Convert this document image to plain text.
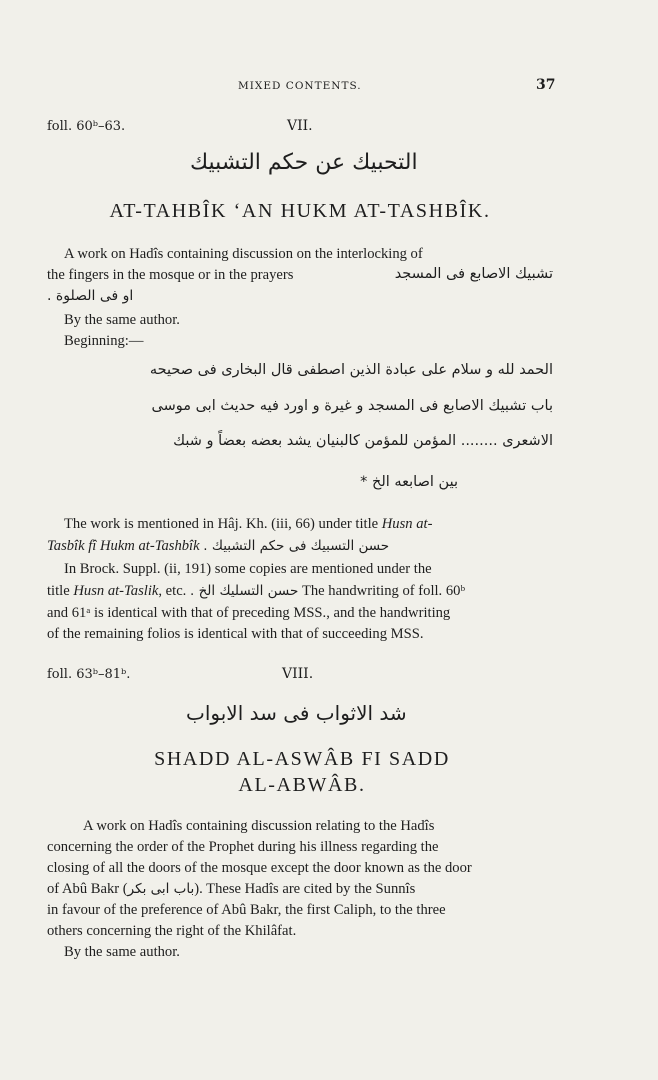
MIXED CONTENTS.	37
foll. 60ᵇ–63.	VII.
التحبيك عن حكم التشبيك
AT-TAHBÎK ‘AN HUKM AT-TASHBÎK.
A work on Hadîs containing discussion on the interlocking of
the fingers in the mosque or in the prayers	تشبيك الاصابع فى المسجد
او فى الصلوة .
By the same author.
Beginning:—
الحمد لله و سلام على عبادة الذين اصطفى قال البخارى فى صحيحه
باب تشبيك الاصابع فى المسجد و غيرة و اورد فيه حديث ابى موسى
الاشعرى ........ المؤمن للمؤمن كالبنيان يشد بعضه بعضاً و شبك
بين اصابعه الخ *
The work is mentioned in Hâj. Kh. (iii, 66) under title Husn at-
Tasbîk fî Hukm at-Tashbîk حسن التسبيك فى حكم التشبيك .
In Brock. Suppl. (ii, 191) some copies are mentioned under the
title Husn at-Taslik, etc. حسن التسليك الخ . The handwriting of foll. 60ᵇ
and 61ᵃ is identical with that of preceding MSS., and the handwriting
of the remaining folios is identical with that of succeeding MSS.
foll. 63ᵇ–81ᵇ.	VIII.
شد الاثواب فى سد الابواب
SHADD AL-ASWÂB FI SADD
AL-ABWÂB.
A work on Hadîs containing discussion relating to the Hadîs
concerning the order of the Prophet during his illness regarding the
closing of all the doors of the mosque except the door known as the door
of Abû Bakr (باب ابى بكر). These Hadîs are cited by the Sunnîs
in favour of the preference of Abû Bakr, the first Caliph, to the three
others concerning the right of the Khilâfat.
By the same author.
